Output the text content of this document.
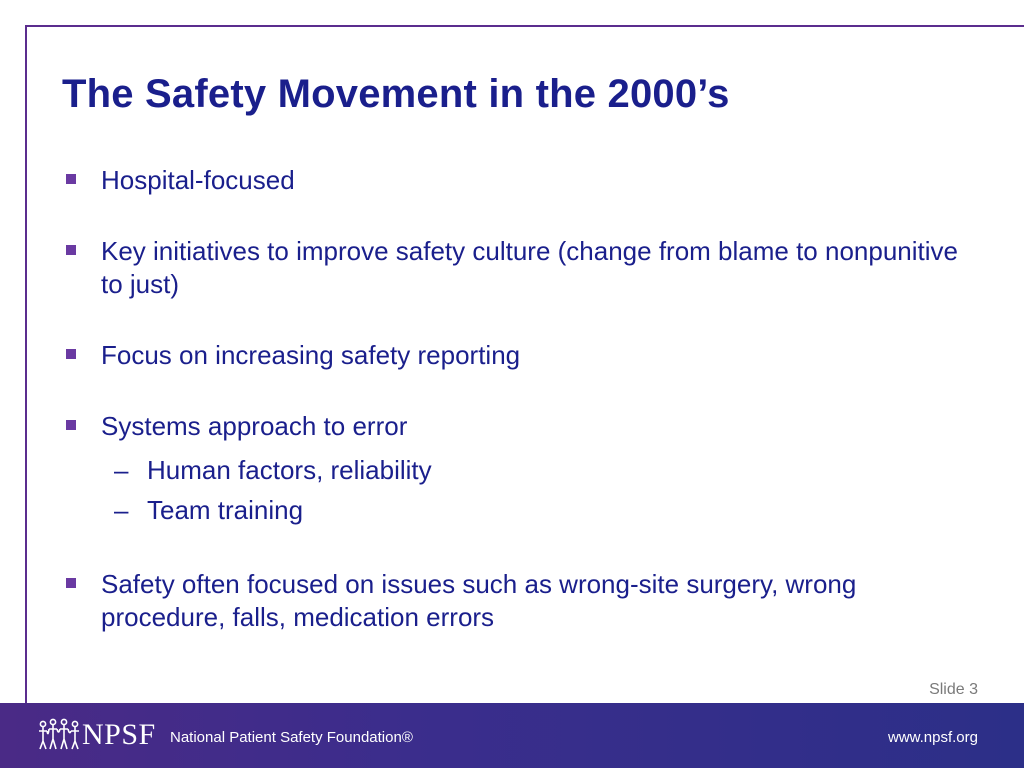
The Safety Movement in the 2000’s
Hospital-focused
Key initiatives to improve safety culture (change from blame to nonpunitive to just)
Focus on increasing safety reporting
Systems approach to error
– Human factors, reliability
– Team training
Safety often focused on issues such as wrong-site surgery, wrong procedure, falls, medication errors
Slide 3
NPSF National Patient Safety Foundation®	www.npsf.org
